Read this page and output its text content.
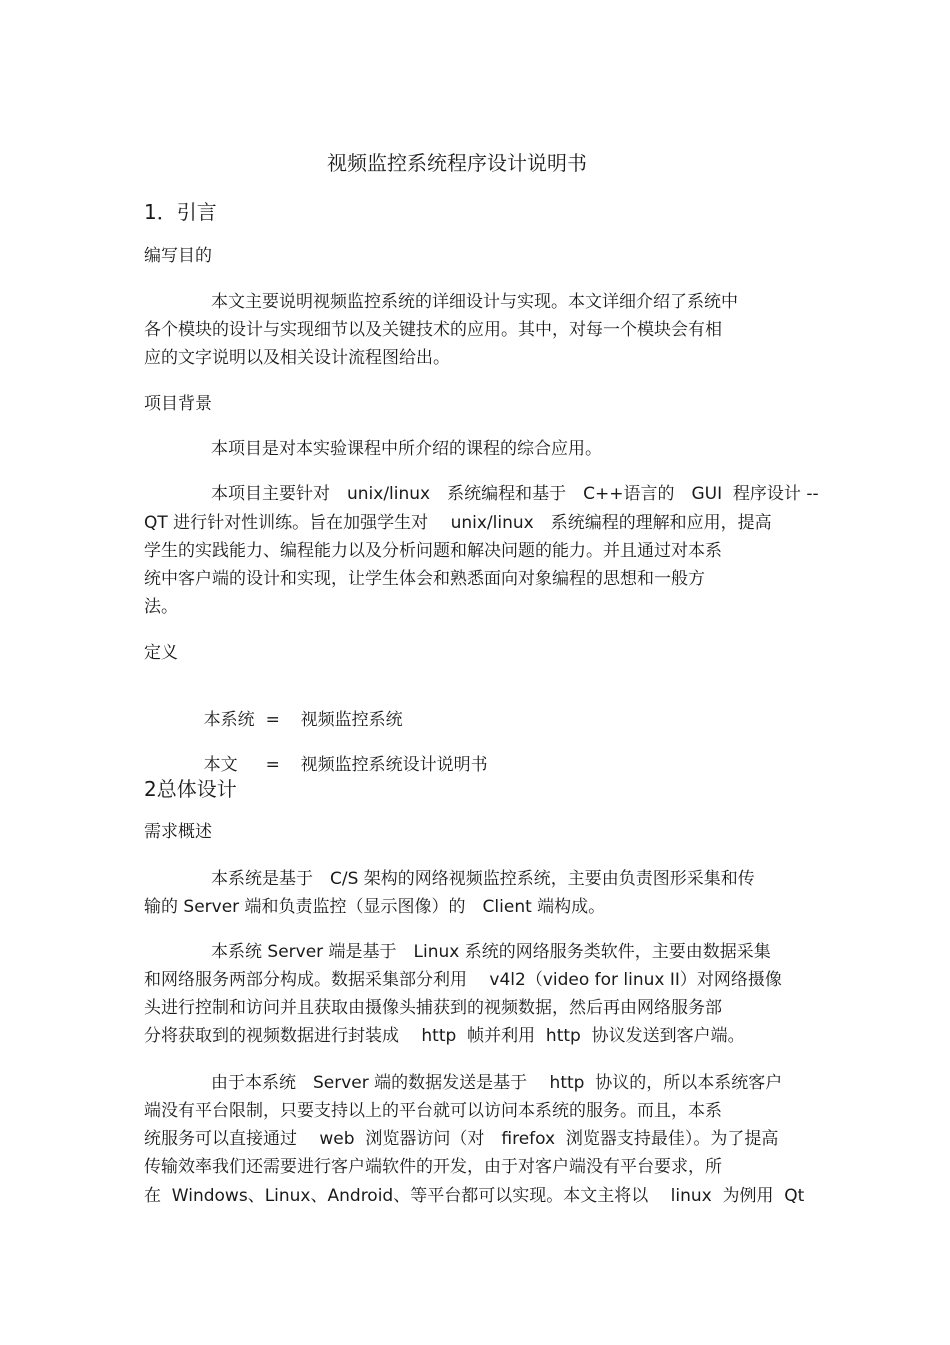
视频监控系统程序设计说明书
1．引言
编写目的
本文主要说明视频监控系统的详细设计与实现。本文详细介绍了系统中
各个模块的设计与实现细节以及关键技术的应用。其中，对每一个模块会有相
应的文字说明以及相关设计流程图给出。
项目背景
本项目是对本实验课程中所介绍的课程的综合应用。
本项目主要针对　unix/linux　系统编程和基于　C++语言的　GUI  程序设计 --
QT 进行针对性训练。旨在加强学生对　 unix/linux　系统编程的理解和应用，提高
学生的实践能力、编程能力以及分析问题和解决问题的能力。并且通过对本系
统中客户端的设计和实现，让学生体会和熟悉面向对象编程的思想和一般方
法。
定义

本系统 = 视频监控系统

本文 = 视频监控系统设计说明书

2总体设计
需求概述
本系统是基于　C/S 架构的网络视频监控系统，主要由负责图形采集和传
输的 Server 端和负责监控（显示图像）的　Client 端构成。
本系统 Server 端是基于　Linux 系统的网络服务类软件，主要由数据采集
和网络服务两部分构成。数据采集部分利用　 v4l2（video for linux II）对网络摄像
头进行控制和访问并且获取由摄像头捕获到的视频数据，然后再由网络服务部
分将获取到的视频数据进行封装成　 http  帧并利用  http  协议发送到客户端。
由于本系统　Server 端的数据发送是基于　 http  协议的，所以本系统客户
端没有平台限制，只要支持以上的平台就可以访问本系统的服务。而且，本系
统服务可以直接通过　 web  浏览器访问（对　firefox  浏览器支持最佳）。为了提高
传输效率我们还需要进行客户端软件的开发，由于对客户端没有平台要求，所
在  Windows、Linux、Android、等平台都可以实现。本文主将以　 linux  为例用  Qt
